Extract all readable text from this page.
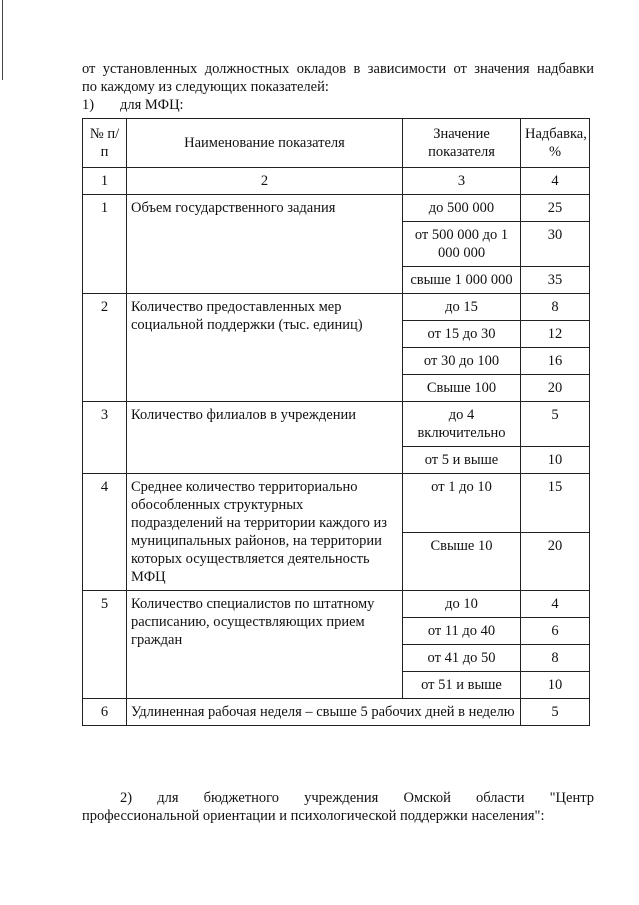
от установленных должностных окладов в зависимости от значения надбавки

по каждому из следующих показателей:

1) для МФЦ:

№ п/п	Наименование показателя	Значение показателя	Надбавка, %
1	2	3	4
1	Объем государственного задания	до 500 000	25
		от 500 000 до 1 000 000	30
		свыше 1 000 000	35
2	Количество предоставленных мер социальной поддержки (тыс. единиц)	до 15	8
		от 15 до 30	12
		от 30 до 100	16
		Свыше 100	20
3	Количество филиалов в учреждении	до 4 включительно	5
		от 5 и выше	10
4	Среднее количество территориально обособленных структурных подразделений на территории каждого из муниципальных районов, на территории которых осуществляется деятельность МФЦ	от 1 до 10	15
		Свыше 10	20
5	Количество специалистов по штатному расписанию, осуществляющих прием граждан	до 10	4
		от 11 до 40	6
		от 41 до 50	8
		от 51 и выше	10
6	Удлиненная рабочая неделя – свыше 5 рабочих дней в неделю		5

2) для бюджетного учреждения Омской области "Центр

профессиональной ориентации и психологической поддержки населения":
